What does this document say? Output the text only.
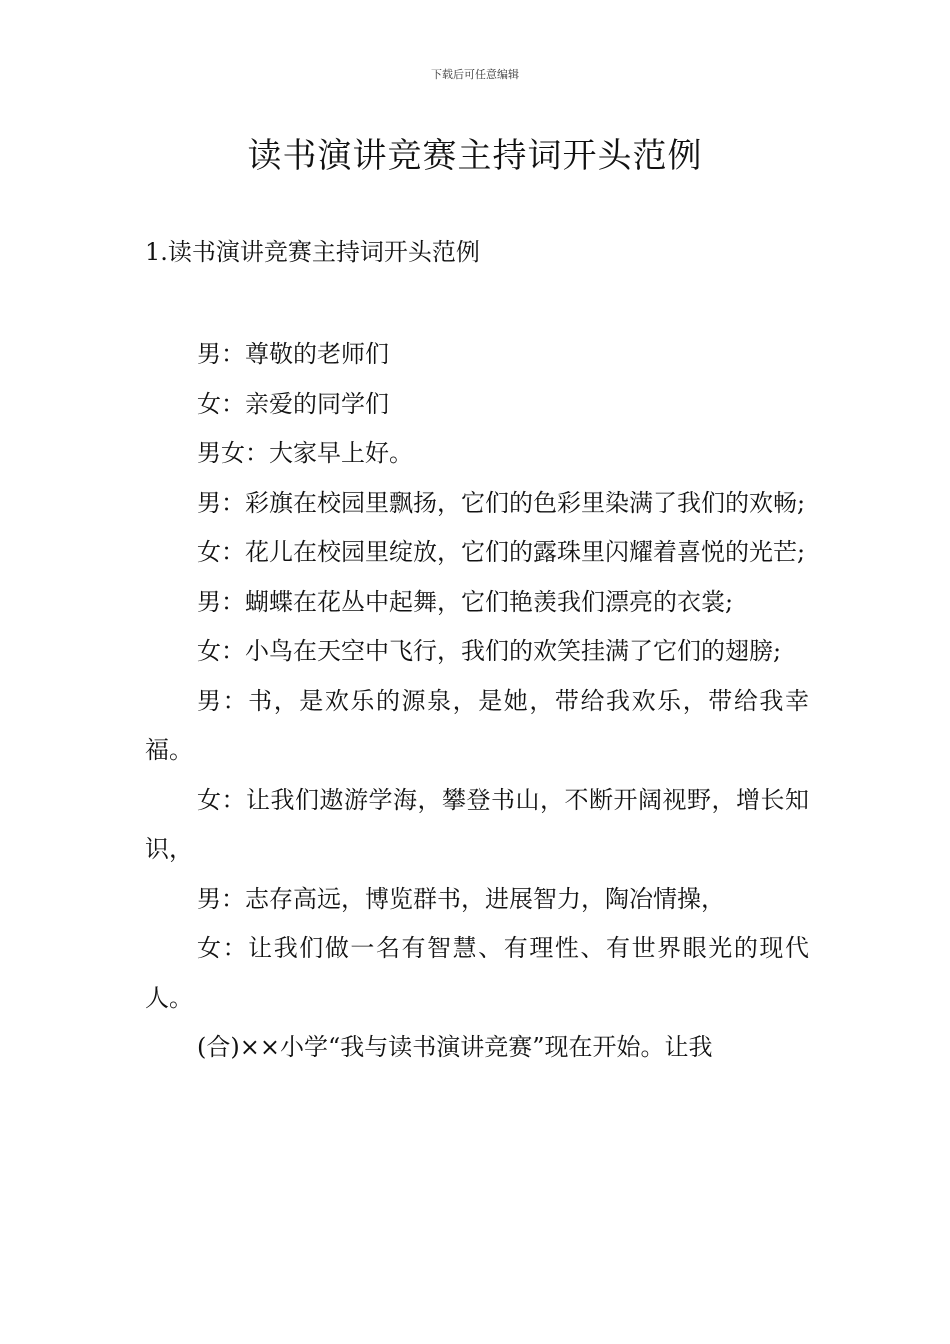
下载后可任意编辑
读书演讲竞赛主持词开头范例
1.读书演讲竞赛主持词开头范例

男：尊敬的老师们

女：亲爱的同学们

男女：大家早上好。

男：彩旗在校园里飘扬，它们的色彩里染满了我们的欢畅;

女：花儿在校园里绽放，它们的露珠里闪耀着喜悦的光芒;

男：蝴蝶在花丛中起舞，它们艳羡我们漂亮的衣裳;

女：小鸟在天空中飞行，我们的欢笑挂满了它们的翅膀;

男：书，是欢乐的源泉，是她，带给我欢乐，带给我幸福。

女：让我们遨游学海，攀登书山，不断开阔视野，增长知识，

男：志存高远，博览群书，进展智力，陶冶情操，

女：让我们做一名有智慧、有理性、有世界眼光的现代人。

(合)××小学“我与读书演讲竞赛”现在开始。让我
